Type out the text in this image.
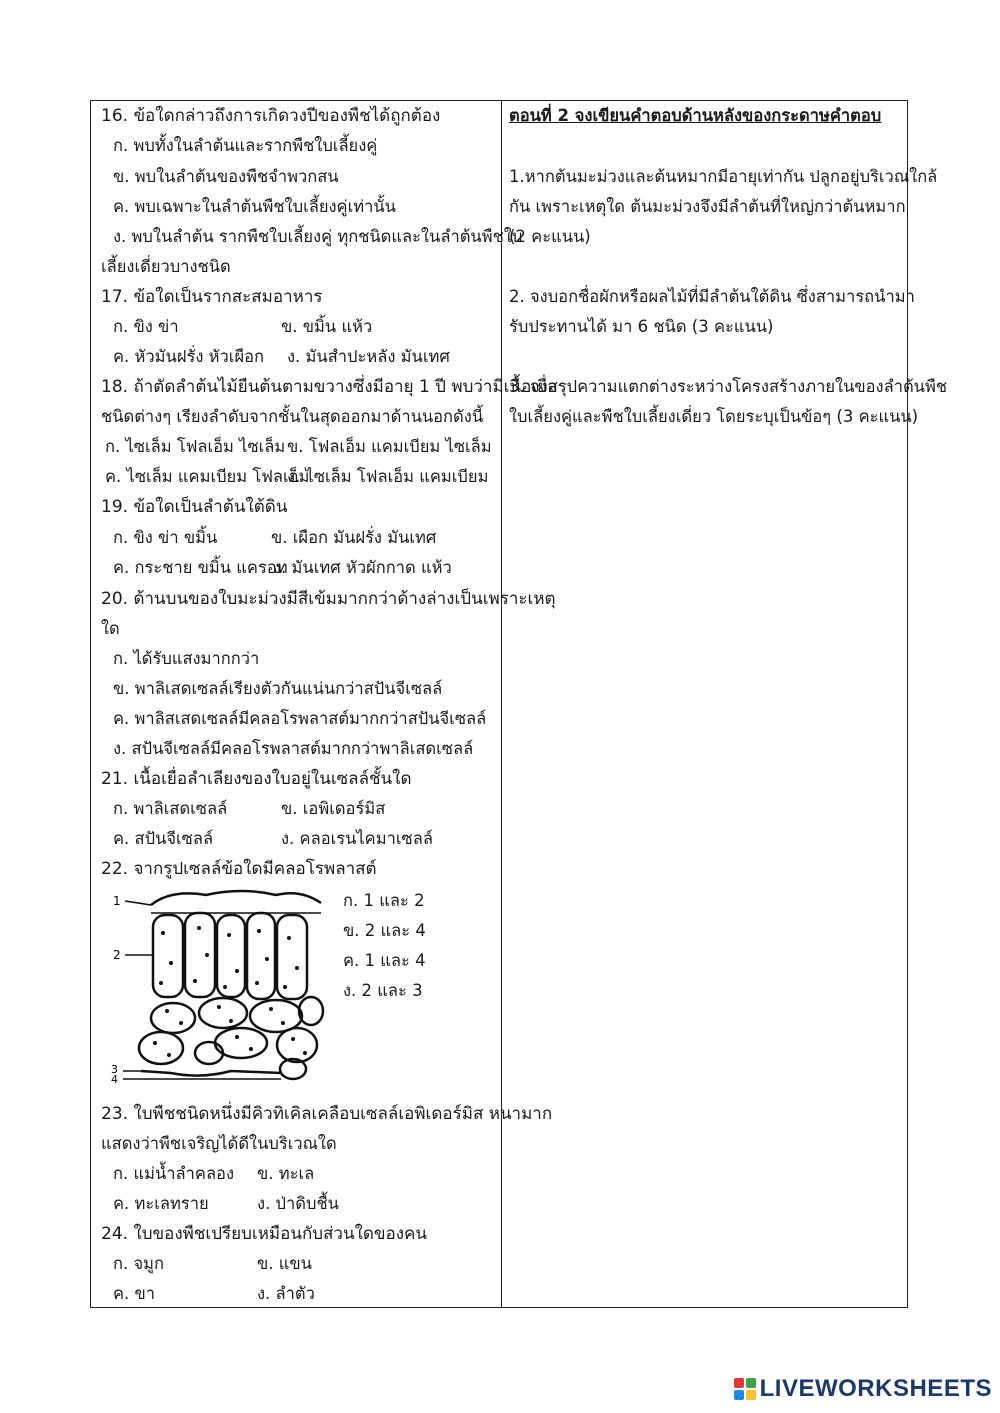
16. ข้อใดกล่าวถึงการเกิดวงปีของพืชได้ถูกต้อง
ก. พบทั้งในลำต้นและรากพืชใบเลี้ยงคู่
ข. พบในลำต้นของพืชจำพวกสน
ค. พบเฉพาะในลำต้นพืชใบเลี้ยงคู่เท่านั้น
ง. พบในลำต้น รากพืชใบเลี้ยงคู่ ทุกชนิดและในลำต้นพืชใบ
เลี้ยงเดี่ยวบางชนิด
17. ข้อใดเป็นรากสะสมอาหาร
ก. ขิง ข่า	ข. ขมิ้น แห้ว
ค. หัวมันฝรั่ง หัวเผือก ง. มันสำปะหลัง มันเทศ
18. ถ้าตัดลำต้นไม้ยืนต้นตามขวางซึ่งมีอายุ 1 ปี พบว่ามีเนื้อเยื่อ
ชนิดต่างๆ เรียงลำดับจากชั้นในสุดออกมาด้านนอกดังนี้
ก. ไซเล็ม โฟลเอ็ม ไซเล็ม ข. โฟลเอ็ม แคมเบียม ไซเล็ม
ค. ไซเล็ม แคมเบียม โฟลเอ็ม
ง. ไซเล็ม โฟลเอ็ม แคมเบียม
19. ข้อใดเป็นลำต้นใต้ดิน
ก. ขิง ข่า ขมิ้น	ข. เผือก มันฝรั่ง มันเทศ
ค. กระชาย ขมิ้น แครอท
ง. มันเทศ หัวผักกาด แห้ว
20. ด้านบนของใบมะม่วงมีสีเข้มมากกว่าด้างล่างเป็นเพราะเหตุ
ใด
ก. ได้รับแสงมากกว่า
ข. พาลิเสดเซลล์เรียงตัวกันแน่นกว่าสปันจีเซลล์
ค. พาลิสเสดเซลล์มีคลอโรพลาสต์มากกว่าสปันจีเซลล์
ง. สปันจีเซลล์มีคลอโรพลาสต์มากกว่าพาลิเสดเซลล์
21. เนื้อเยื่อลำเลียงของใบอยู่ในเซลล์ชั้นใด
ก. พาลิเสดเซลล์	ข. เอพิเดอร์มิส
ค. สปันจีเซลล์	ง. คลอเรนไคมาเซลล์
22. จากรูปเซลล์ข้อใดมีคลอโรพลาสต์
1
2
3
4
ก. 1 และ 2
ข. 2 และ 4
ค. 1 และ 4
ง. 2 และ 3
23. ใบพืชชนิดหนึ่งมีคิวทิเคิลเคลือบเซลล์เอพิเดอร์มิส หนามาก
แสดงว่าพืชเจริญได้ดีในบริเวณใด
ก. แม่น้ำลำคลอง ข. ทะเล
ค. ทะเลทราย	ง. ป่าดิบชื้น
24. ใบของพืชเปรียบเหมือนกับส่วนใดของคน
ก. จมูก	ข. แขน
ค. ขา	ง. ลำตัว
ตอนที่ 2 จงเขียนคำตอบด้านหลังของกระดาษคำตอบ
1.หากต้นมะม่วงและต้นหมากมีอายุเท่ากัน ปลูกอยู่บริเวณใกล้
กัน เพราะเหตุใด ต้นมะม่วงจึงมีลำต้นที่ใหญ่กว่าต้นหมาก
(2 คะแนน)
2. จงบอกชื่อผักหรือผลไม้ที่มีลำต้นใต้ดิน ซึ่งสามารถนำมา
รับประทานได้ มา 6 ชนิด (3 คะแนน)
3. จงสรุปความแตกต่างระหว่างโครงสร้างภายในของลำต้นพืช
ใบเลี้ยงคู่และพืชใบเลี้ยงเดี่ยว โดยระบุเป็นข้อๆ (3 คะแนน)
LIVEWORKSHEETS
